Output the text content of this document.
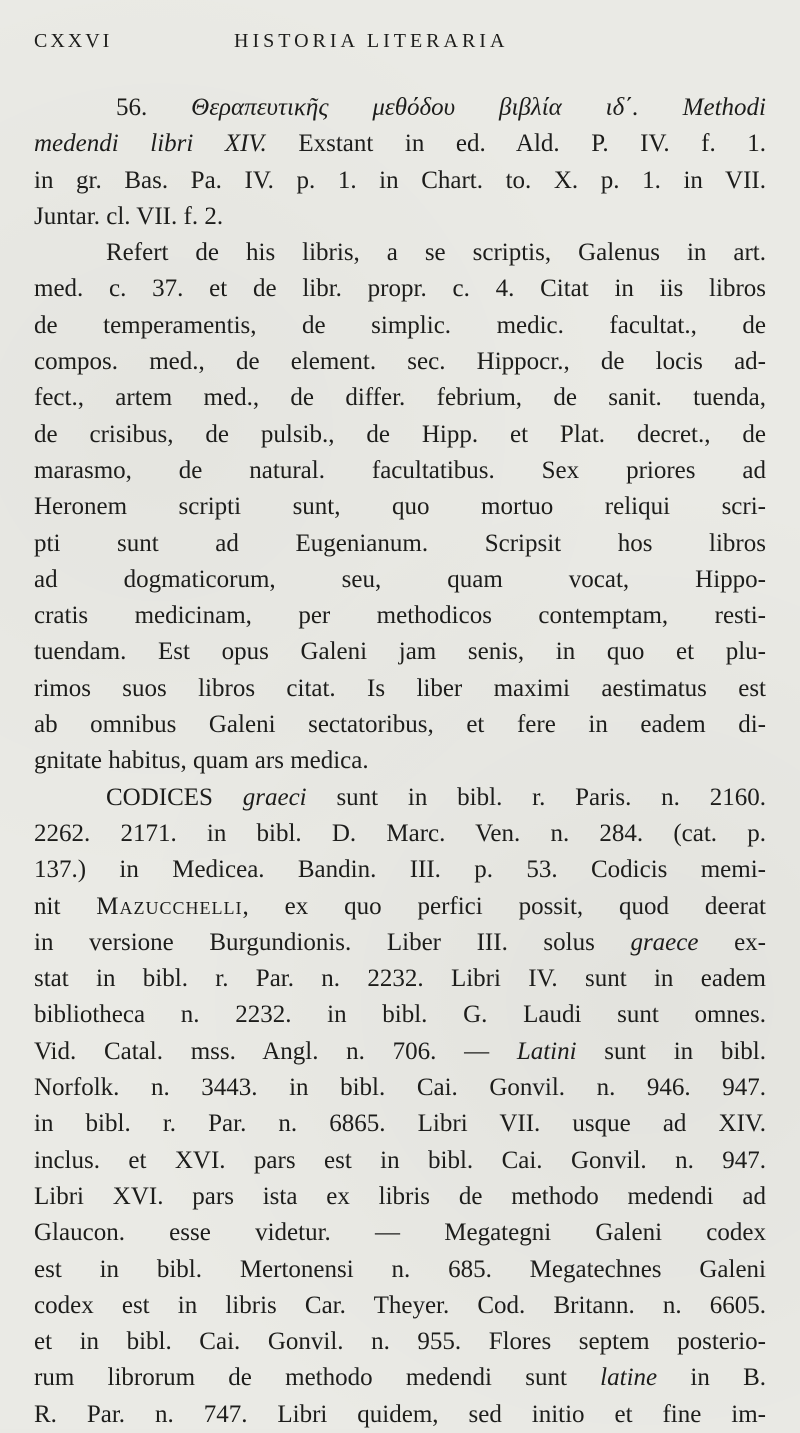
CXXVI	HISTORIA LITERARIA
56. Θεραπευτικῆς μεθόδου βιβλία ιδ΄. Methodi
medendi libri XIV. Exstant in ed. Ald. P. IV. f. 1.
in gr. Bas. Pa. IV. p. 1. in Chart. to. X. p. 1. in VII.
Juntar. cl. VII. f. 2.
Refert de his libris, a se scriptis, Galenus in art.
med. c. 37. et de libr. propr. c. 4. Citat in iis libros
de temperamentis, de simplic. medic. facultat., de
compos. med., de element. sec. Hippocr., de locis ad-
fect., artem med., de differ. febrium, de sanit. tuenda,
de crisibus, de pulsib., de Hipp. et Plat. decret., de
marasmo, de natural. facultatibus. Sex priores ad
Heronem scripti sunt, quo mortuo reliqui scri-
pti sunt ad Eugenianum. Scripsit hos libros
ad dogmaticorum, seu, quam vocat, Hippo-
cratis medicinam, per methodicos contemptam, resti-
tuendam. Est opus Galeni jam senis, in quo et plu-
rimos suos libros citat. Is liber maximi aestimatus est
ab omnibus Galeni sectatoribus, et fere in eadem di-
gnitate habitus, quam ars medica.
CODICES graeci sunt in bibl. r. Paris. n. 2160.
2262. 2171. in bibl. D. Marc. Ven. n. 284. (cat. p.
137.) in Medicea. Bandin. III. p. 53. Codicis memi-
nit Mazucchelli, ex quo perfici possit, quod deerat
in versione Burgundionis. Liber III. solus graece ex-
stat in bibl. r. Par. n. 2232. Libri IV. sunt in eadem
bibliotheca n. 2232. in bibl. G. Laudi sunt omnes.
Vid. Catal. mss. Angl. n. 706. — Latini sunt in bibl.
Norfolk. n. 3443. in bibl. Cai. Gonvil. n. 946. 947.
in bibl. r. Par. n. 6865. Libri VII. usque ad XIV.
inclus. et XVI. pars est in bibl. Cai. Gonvil. n. 947.
Libri XVI. pars ista ex libris de methodo medendi ad
Glaucon. esse videtur. — Megategni Galeni codex
est in bibl. Mertonensi n. 685. Megatechnes Galeni
codex est in libris Car. Theyer. Cod. Britann. n. 6605.
et in bibl. Cai. Gonvil. n. 955. Flores septem posterio-
rum librorum de methodo medendi sunt latine in B.
R. Par. n. 747. Libri quidem, sed initio et fine im-
